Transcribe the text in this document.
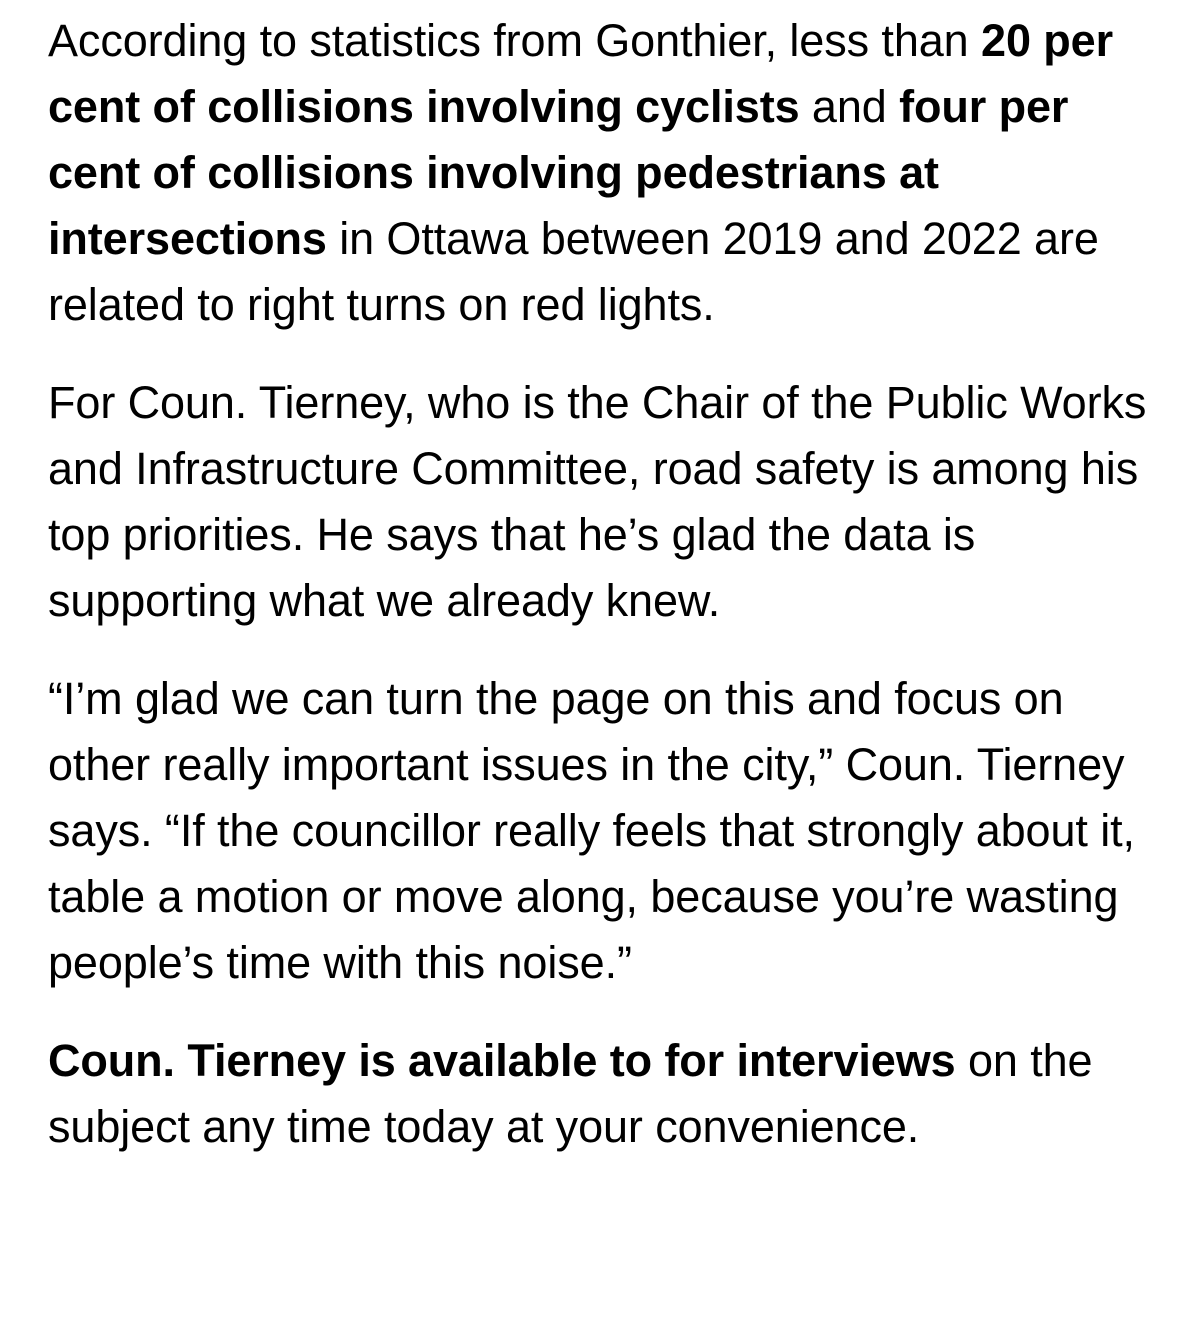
According to statistics from Gonthier, less than 20 per cent of collisions involving cyclists and four per cent of collisions involving pedestrians at intersections in Ottawa between 2019 and 2022 are related to right turns on red lights.

For Coun. Tierney, who is the Chair of the Public Works and Infrastructure Committee, road safety is among his top priorities. He says that he’s glad the data is supporting what we already knew.

“I’m glad we can turn the page on this and focus on other really important issues in the city,” Coun. Tierney says. “If the councillor really feels that strongly about it, table a motion or move along, because you’re wasting people’s time with this noise.”

Coun. Tierney is available to for interviews on the subject any time today at your convenience.
